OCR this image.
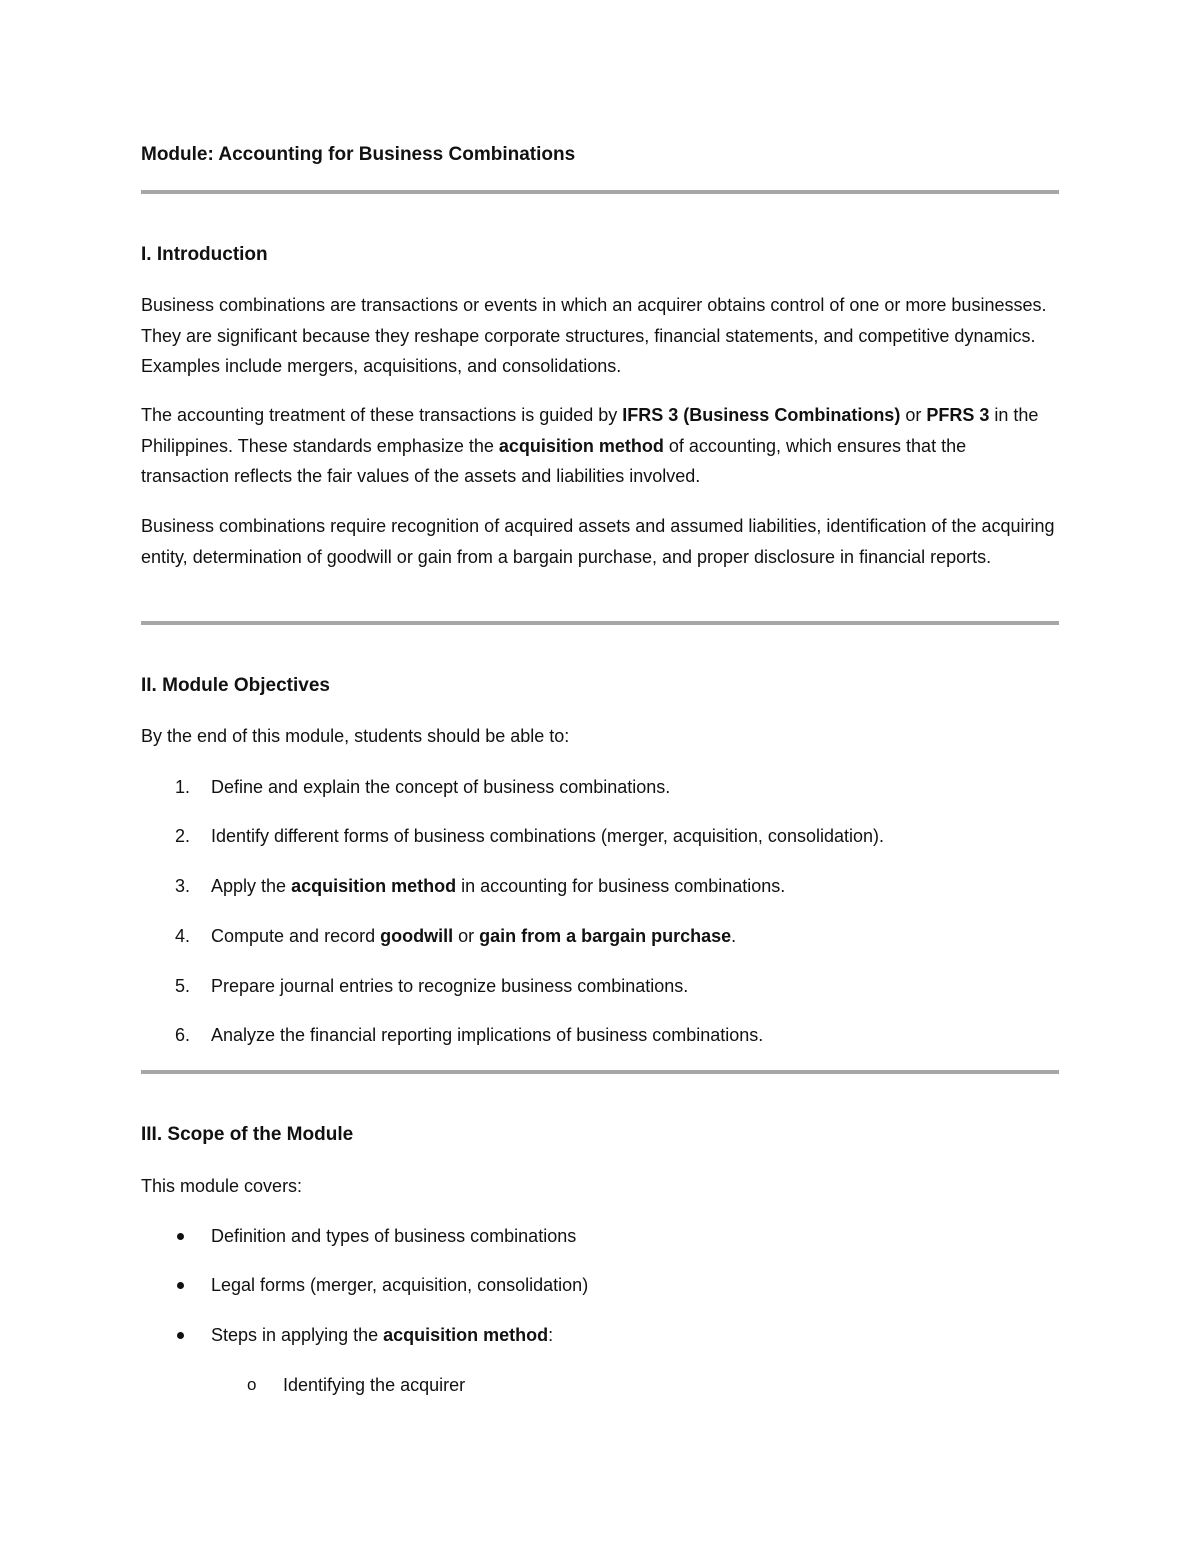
Module: Accounting for Business Combinations
I. Introduction
Business combinations are transactions or events in which an acquirer obtains control of one or more businesses. They are significant because they reshape corporate structures, financial statements, and competitive dynamics. Examples include mergers, acquisitions, and consolidations.
The accounting treatment of these transactions is guided by IFRS 3 (Business Combinations) or PFRS 3 in the Philippines. These standards emphasize the acquisition method of accounting, which ensures that the transaction reflects the fair values of the assets and liabilities involved.
Business combinations require recognition of acquired assets and assumed liabilities, identification of the acquiring entity, determination of goodwill or gain from a bargain purchase, and proper disclosure in financial reports.
II. Module Objectives
By the end of this module, students should be able to:
1.	Define and explain the concept of business combinations.
2.	Identify different forms of business combinations (merger, acquisition, consolidation).
3.	Apply the acquisition method in accounting for business combinations.
4.	Compute and record goodwill or gain from a bargain purchase.
5.	Prepare journal entries to recognize business combinations.
6.	Analyze the financial reporting implications of business combinations.
III. Scope of the Module
This module covers:
Definition and types of business combinations
Legal forms (merger, acquisition, consolidation)
Steps in applying the acquisition method:
o Identifying the acquirer
